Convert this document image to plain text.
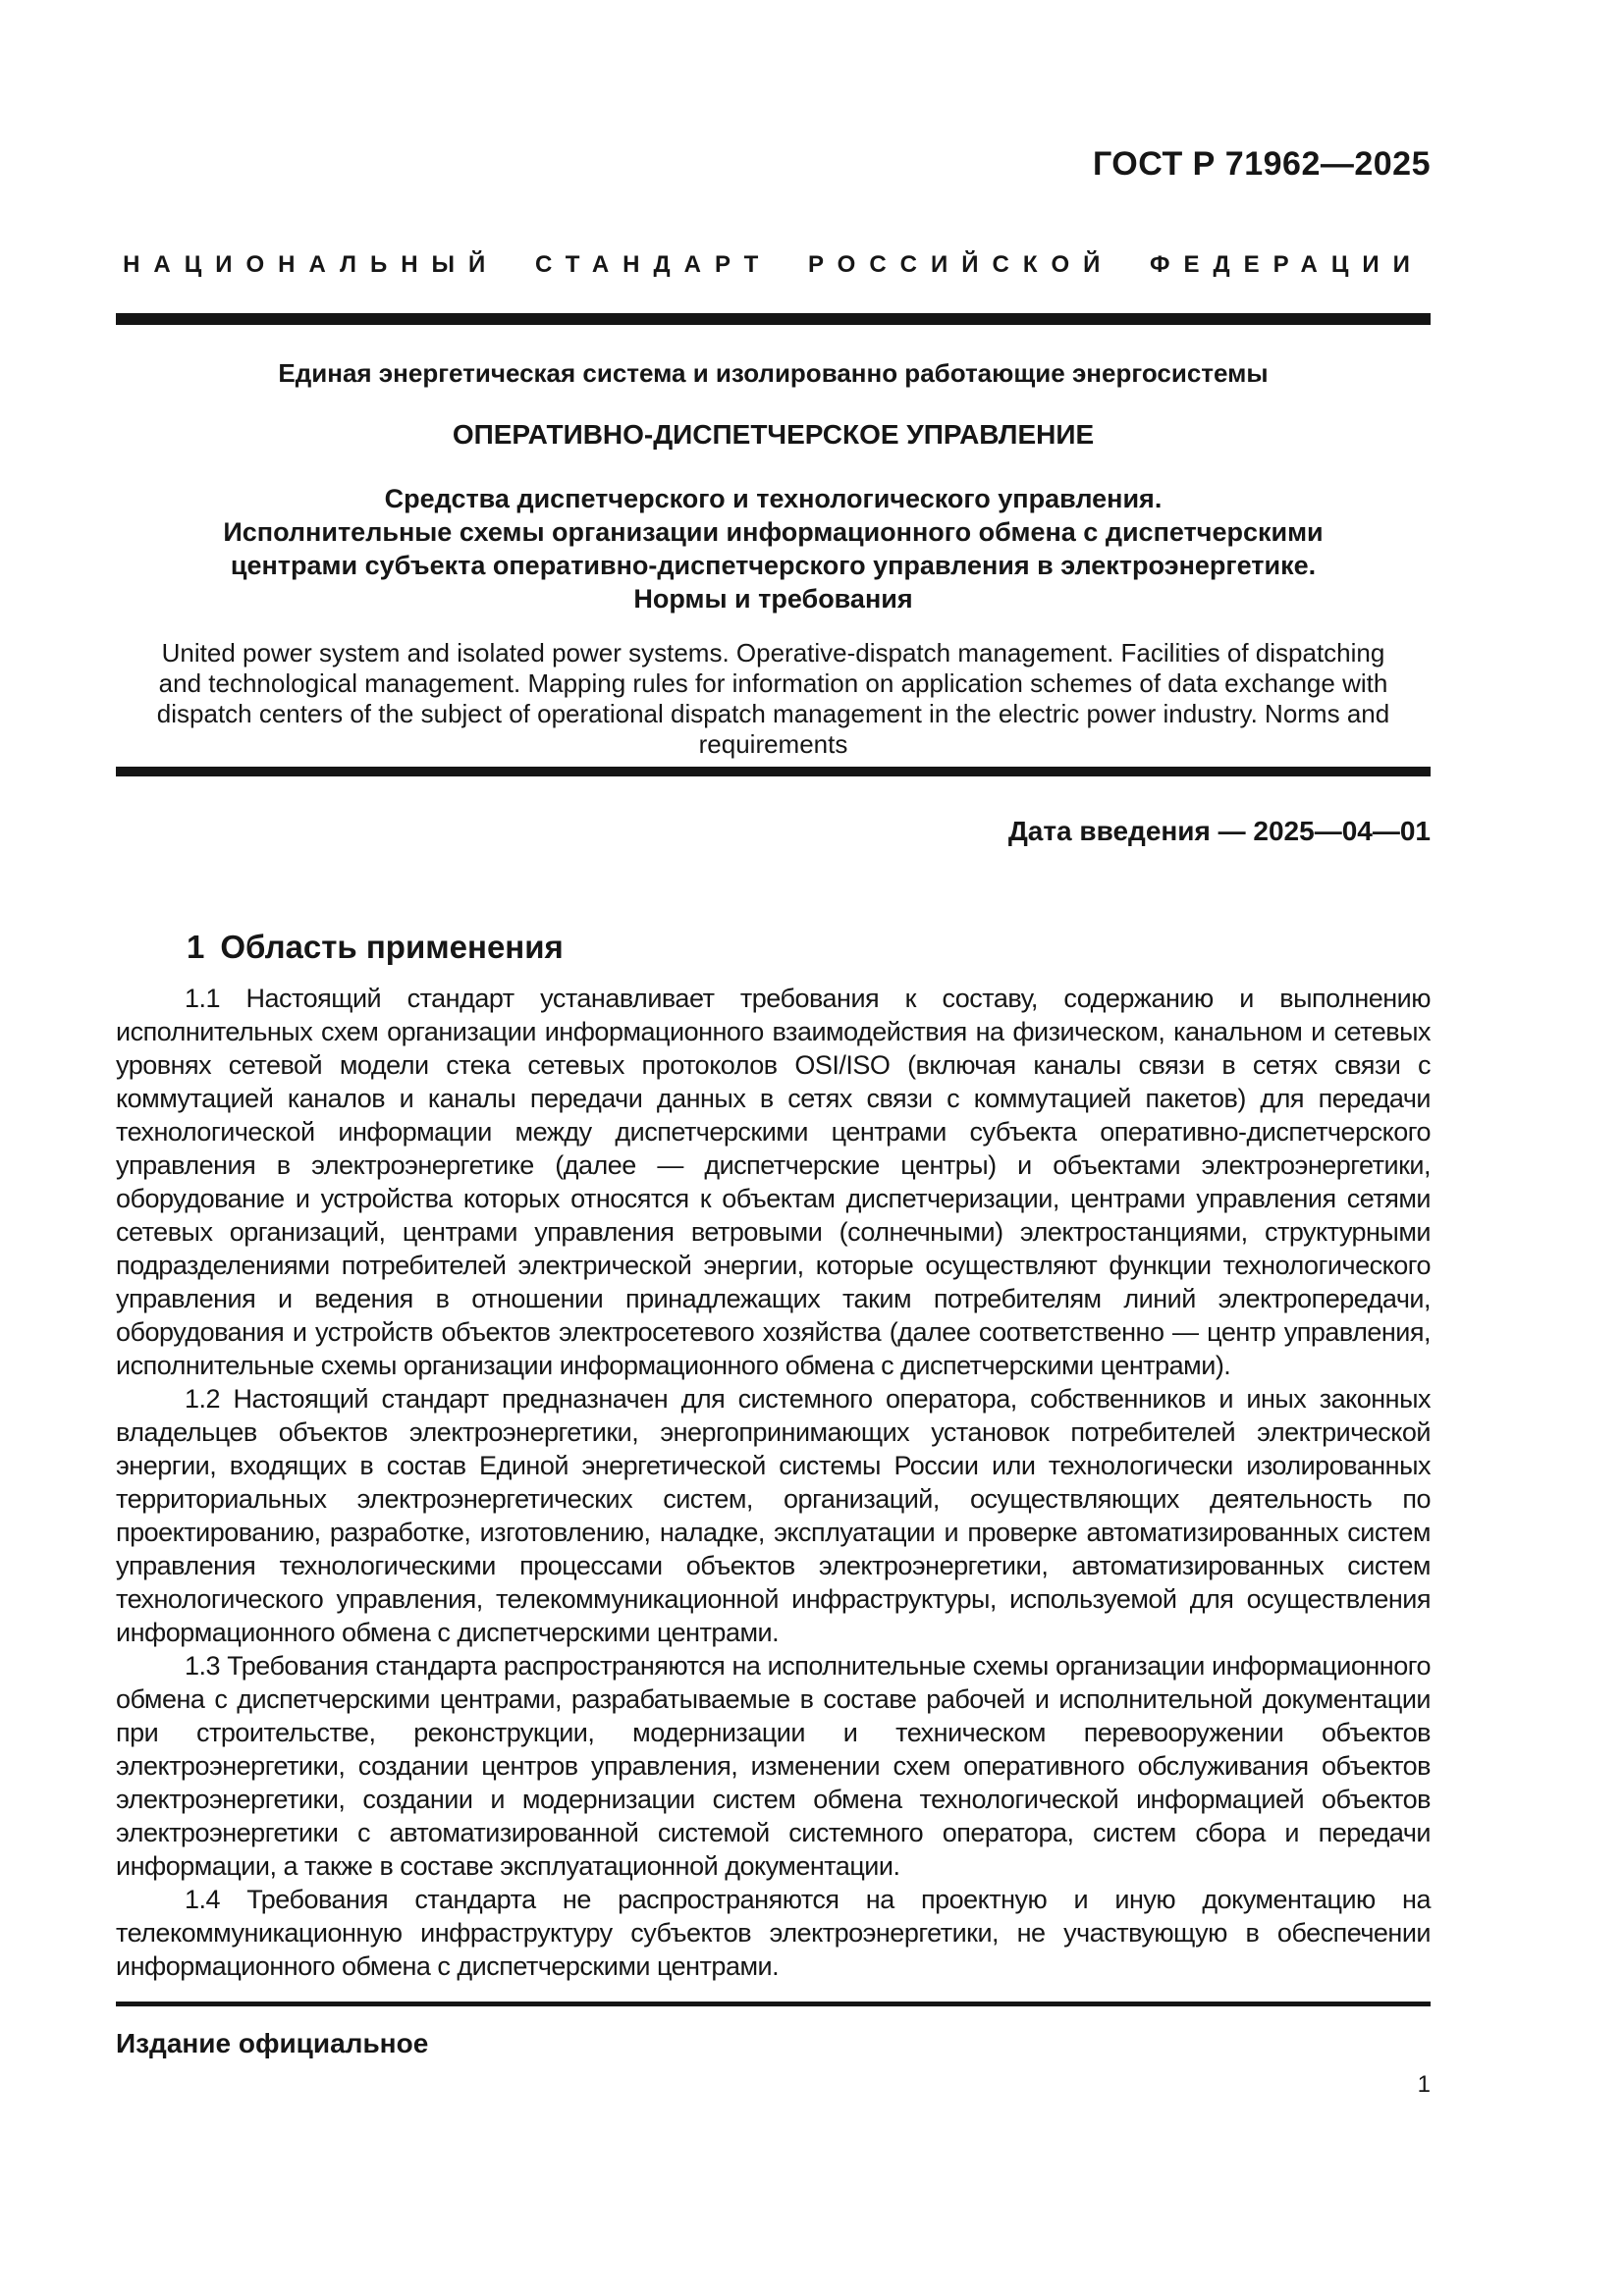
ГОСТ Р 71962—2025
НАЦИОНАЛЬНЫЙ СТАНДАРТ РОССИЙСКОЙ ФЕДЕРАЦИИ
Единая энергетическая система и изолированно работающие энергосистемы
ОПЕРАТИВНО-ДИСПЕТЧЕРСКОЕ УПРАВЛЕНИЕ
Средства диспетчерского и технологического управления.
Исполнительные схемы организации информационного обмена с диспетчерскими
центрами субъекта оперативно-диспетчерского управления в электроэнергетике.
Нормы и требования
United power system and isolated power systems. Operative-dispatch management. Facilities of dispatching and technological management. Mapping rules for information on application schemes of data exchange with dispatch centers of the subject of operational dispatch management in the electric power industry. Norms and requirements
Дата введения — 2025—04—01
1 Область применения

1.1 Настоящий стандарт устанавливает требования к составу, содержанию и выполнению исполнительных схем организации информационного взаимодействия на физическом, канальном и сетевых уровнях сетевой модели стека сетевых протоколов OSI/ISO (включая каналы связи в сетях связи с коммутацией каналов и каналы передачи данных в сетях связи с коммутацией пакетов) для передачи технологической информации между диспетчерскими центрами субъекта оперативно-диспетчерского управления в электроэнергетике (далее — диспетчерские центры) и объектами электроэнергетики, оборудование и устройства которых относятся к объектам диспетчеризации, центрами управления сетями сетевых организаций, центрами управления ветровыми (солнечными) электростанциями, структурными подразделениями потребителей электрической энергии, которые осуществляют функции технологического управления и ведения в отношении принадлежащих таким потребителям линий электропередачи, оборудования и устройств объектов электросетевого хозяйства (далее соответственно — центр управления, исполнительные схемы организации информационного обмена с диспетчерскими центрами).

1.2 Настоящий стандарт предназначен для системного оператора, собственников и иных законных владельцев объектов электроэнергетики, энергопринимающих установок потребителей электрической энергии, входящих в состав Единой энергетической системы России или технологически изолированных территориальных электроэнергетических систем, организаций, осуществляющих деятельность по проектированию, разработке, изготовлению, наладке, эксплуатации и проверке автоматизированных систем управления технологическими процессами объектов электроэнергетики, автоматизированных систем технологического управления, телекоммуникационной инфраструктуры, используемой для осуществления информационного обмена с диспетчерскими центрами.

1.3 Требования стандарта распространяются на исполнительные схемы организации информационного обмена с диспетчерскими центрами, разрабатываемые в составе рабочей и исполнительной документации при строительстве, реконструкции, модернизации и техническом перевооружении объектов электроэнергетики, создании центров управления, изменении схем оперативного обслуживания объектов электроэнергетики, создании и модернизации систем обмена технологической информацией объектов электроэнергетики с автоматизированной системой системного оператора, систем сбора и передачи информации, а также в составе эксплуатационной документации.

1.4 Требования стандарта не распространяются на проектную и иную документацию на телекоммуникационную инфраструктуру субъектов электроэнергетики, не участвующую в обеспечении информационного обмена с диспетчерскими центрами.

Издание официальное
1
